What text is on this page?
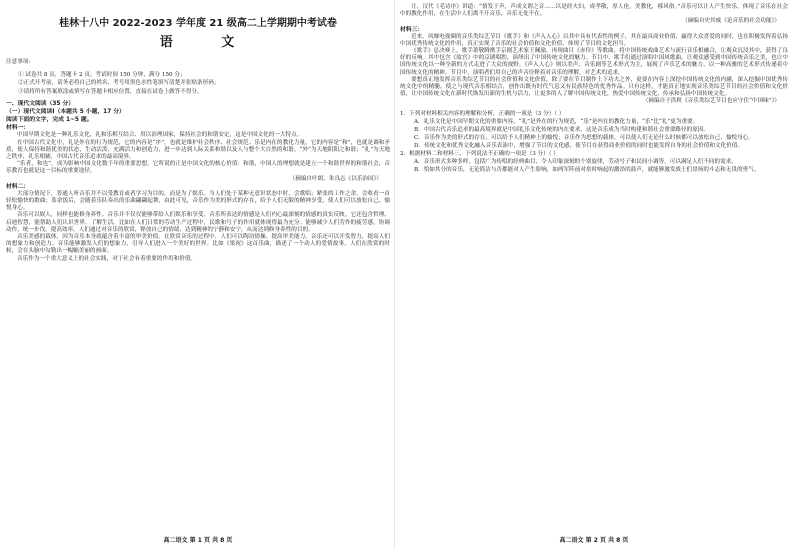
桂林十八中 2022-2023 学年度 21 级高二上学期期中考试卷

语 文

注意事项:

① 试卷共 8 页，答题卡 2 页。考试时间 150 分钟，满分 150 分；

②正式开考前，请务必将自己的姓名、考号用黑色水性笔填写清楚并张贴条形码；

③请将所有答案填涂或填写在答题卡相应位置，直接在试卷上做答不得分。

一、现代文阅读（35 分）

（一）现代文阅读Ⅰ（本题共 5 小题，17 分）

阅读下面的文字，完成 1~5 题。

材料一：

中国早期文化是一种礼乐文化，礼和乐相互结合、用以治理国家，保持社会的和谐安定，这是中国文化的一大特点。

在中国古代文化中，礼是外在的行为规范，它的内容是“序”，也就是维护社会秩序、社会规范；乐是内在的教化力量，它的内容是“和”，也就是调和矛盾，使人保持和谐优美的状态，生动活泼、充满活力和创造力，进一步达到人际关系和谐以及人与整个大自然的和谐。“外”为天地阴阳之和谐；“礼”为天地之秩序，礼乐相辅，中国古代音乐追求的最高境界。

“乐者，和也”，成为影响中国文化数千年的重要思想，它所说的正是中国文化的核心价值：和谐，中国人的理想就是建立一个和谐世界的和谐社会，音乐教育也就是这一目标的重要途径。

（摘编自叶朗、朱良志《以乐治国》）

材料二：

大部分情况下，普通人听音乐并不以受教育或者学习为目的，而是为了娱乐。当人们处于某种无意识状态中时，会歌唱；紧张的工作之余，会收看一首轻松愉快的歌曲；茶余饭后，会随着乐队奏出的乐曲翩翩起舞，由此可见，音乐作为美的形式的存在，给予人们无限的精神享受，使人们可以放松自己、愉悦身心。

音乐可以娱人，同样也能修身养性。音乐并不仅仅能够带给人们娱乐和享受，音乐所表达的情感是人们内心最深刻的情感的真实反映。它还包含哲理、启迪智慧，能帮助人们认识世界，了解生活。比如在人们日常的劳动生产过程中，民歌和号子的作用就体现得最为充分。能够减少人们劳作的疲劳感，协调动作，统一步伐，提高效率。人们通过对音乐的欣赏，释放自己的情绪，达到精神的宁静和安宁，从而达到修身养性的目的。

音乐美感的载体，因为音乐本身就蕴含着丰富的审美价值。在欣赏音乐的过程中，人们可以陶冶情操、提高审美能力。音乐还可以开发智力，提高人们的想象力和创造力。音乐能够激发人们的想象力，引导人们进入一个美好的世界。比如《梁祝》这首乐曲，描述了一个动人的爱情故事，人们在欣赏的时候，会在头脑中勾勒出一幅幅美丽的画面。

音乐作为一个重大意义上的社会实践，对于社会有着重要的作用和价值。

高二语文 第 1 页 共 8 页

让，汉代《毛诗序》讲道：“情发于声，声成文谓之音……以是经夫妇，成孝敬，厚人伦，美教化，移风俗。”音乐可以让人产生快乐，体现了音乐在社会中的教化作用，在生活中人们离不开音乐，音乐无处不在。

（摘编自史其威《论音乐的社会功能》）

材料三：

近来，风靡电视圈的音乐类综艺节目《歌手》和《声入人心》以其中具有代表性的例子，其在最具商业价值，赢得大众喜爱的同时，也在积极发挥着弘扬中国优秀传统文化的作用，真正实现了音乐的社会价值和文化价值，体现了节目的文化担当。

《歌手》总决赛上，歌手萧敬腾携手京剧艺术家王珮瑜，再现曲目《赤伶》等歌曲，将中国传统戏曲艺术与流行音乐相融合，让观众沉浸其中，获得了良好的反响。其中包含《故宫》中的京剧唱腔，演绎出了中国传统文化的魅力。节目中，歌手们通过演唱中国风歌曲，让观众感受到中国传统音乐之美，也让中国传统文化以一种全新的方式走进了大众的视野。《声入人心》则以美声、音乐剧等艺术形式为主，展现了声乐艺术的魅力，以一种高雅的艺术形式传递着中国传统文化的精神。节目中，演唱者们用自己的声音诠释着对音乐的理解，对艺术的追求。

要想真正地发挥音乐类综艺节目的社会价值和文化价值，除了要在节目制作上下功夫之外，更要在内容上深挖中国传统文化的内涵，深入挖掘中国优秀传统文化中的精髓，使之与现代音乐相结合，创作出既有时代气息又有民族特色的优秀作品。只有这样，才能真正地实现音乐类综艺节目的社会价值和文化价值，让中国传统文化在新时代焕发出新的生机与活力，让更多的人了解中国传统文化，热爱中国传统文化，传承和弘扬中国传统文化。

（摘编自于洪秋《音乐类综艺节目也应守住“中国味”》）

1．下列对材料相关内容的理解和分析，正确的一项是（3 分）（ ）

A．礼乐文化是中国早期文化的重要内容，“礼”是外在的行为规范，“乐”是内在的教化力量，“乐”比“礼”更为重要。

B．中国古代音乐追求的最高境界就是中国礼乐文化传统的内在要求，这是音乐成为当时构建和谐社会重要路径的原因。

C．音乐作为美的形式的存在，可以给予人们精神上的愉悦；音乐作为思想的载体，可以使人们无论什么时候都可以放松自己、愉悦身心。

D．传统文化和优秀文化融入音乐表演中，增强了节目的文化感，使节目在获得商业价值的同时也能发挥自身的社会价值和文化价值。

2．根据材料二和材料三，下列说法不正确的一项是（3 分）（ ）

A．音乐形式多种多样，包括广为传唱的经典曲目、令人印象深刻的个别旋律，劳动号子和民间小调等，可以满足人们不同的需求。

B．恰如其分的音乐，无论简洁与否都能对人产生影响，如两军阵前对垒时响起的激昂的鼓声，就能够激发战士们昂扬的斗志和无畏的勇气。

高二语文 第 2 页 共 8 页
